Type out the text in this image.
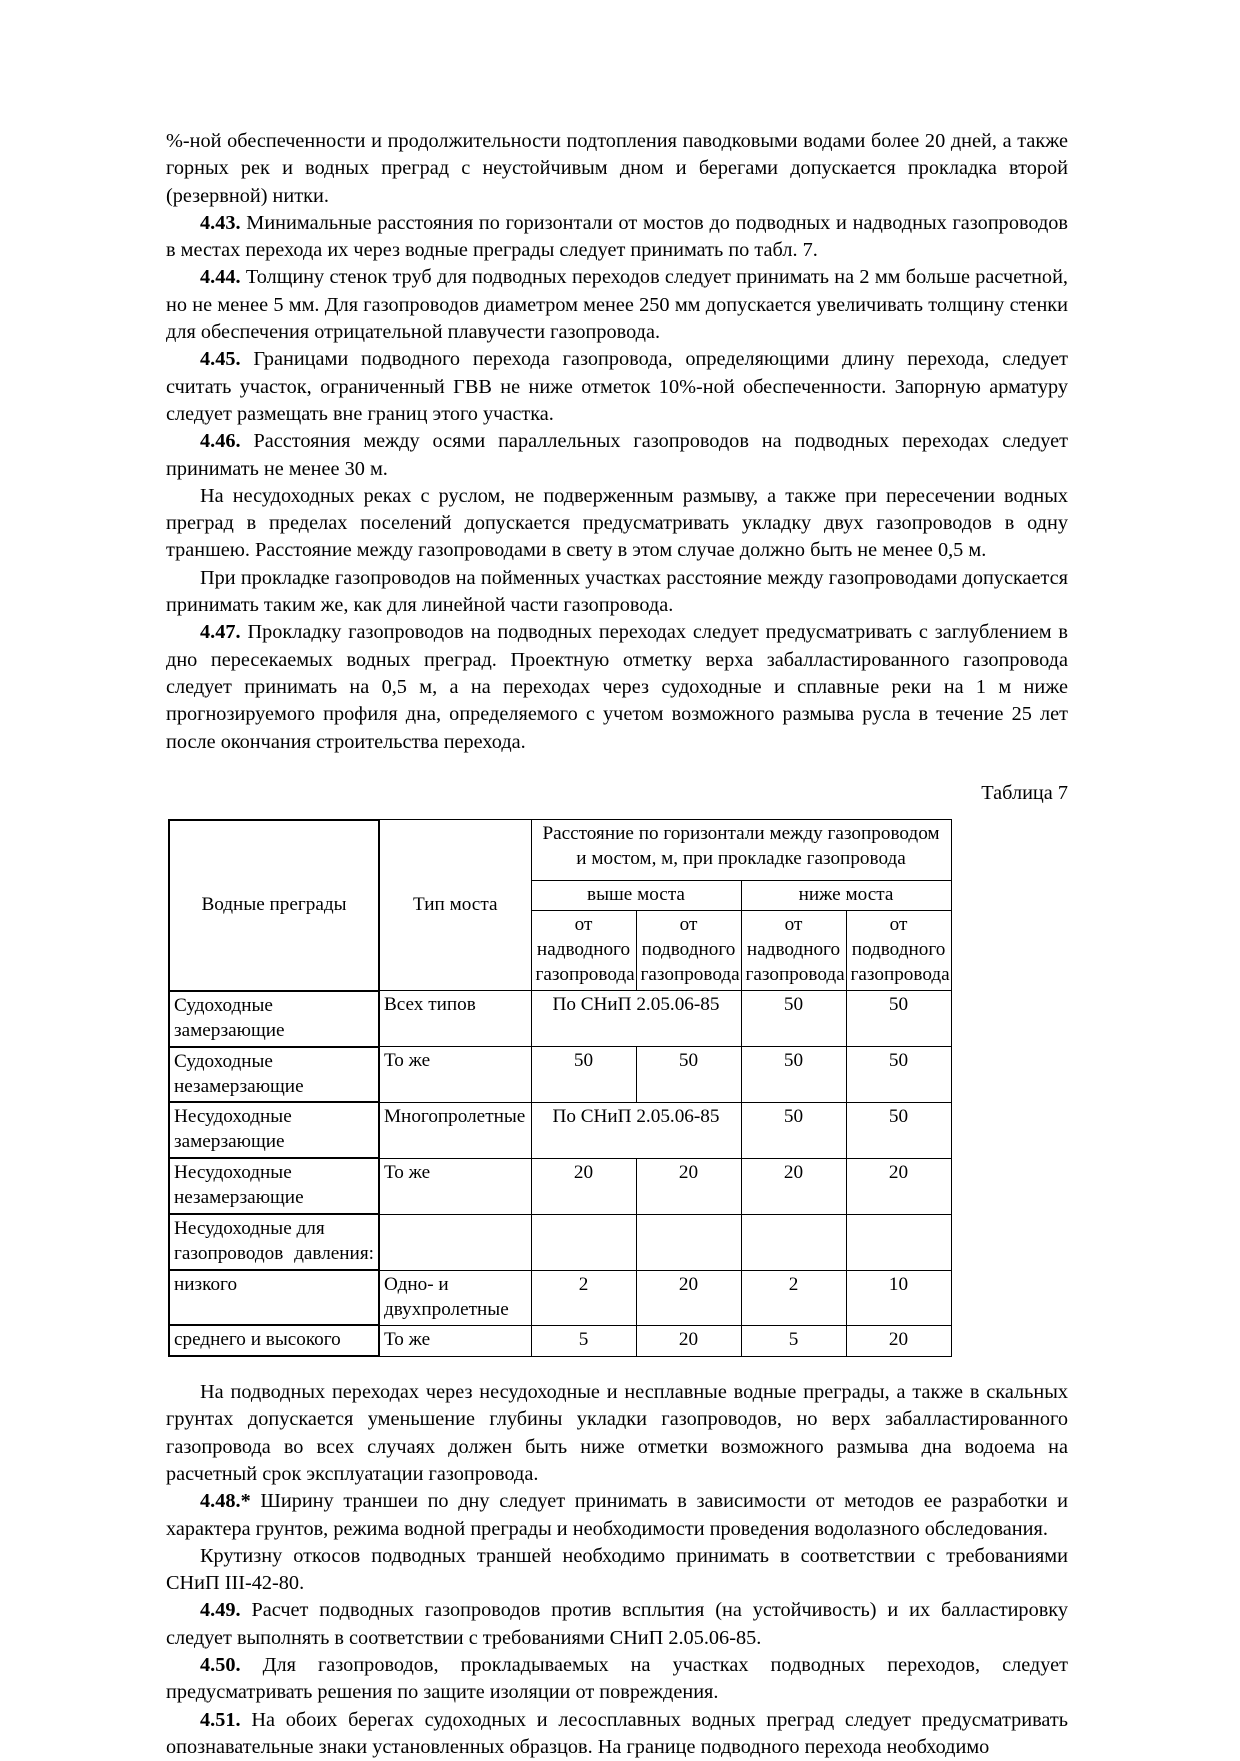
%-ной обеспеченности и продолжительности подтопления паводковыми водами более 20 дней, а также горных рек и водных преград с неустойчивым дном и берегами допускается прокладка второй (резервной) нитки.

4.43. Минимальные расстояния по горизонтали от мостов до подводных и надводных газопроводов в местах перехода их через водные преграды следует принимать по табл. 7.

4.44. Толщину стенок труб для подводных переходов следует принимать на 2 мм больше расчетной, но не менее 5 мм. Для газопроводов диаметром менее 250 мм допускается увеличивать толщину стенки для обеспечения отрицательной плавучести газопровода.

4.45. Границами подводного перехода газопровода, определяющими длину перехода, следует считать участок, ограниченный ГВВ не ниже отметок 10%-ной обеспеченности. Запорную арматуру следует размещать вне границ этого участка.

4.46. Расстояния между осями параллельных газопроводов на подводных переходах следует принимать не менее 30 м.

На несудоходных реках с руслом, не подверженным размыву, а также при пересечении водных преград в пределах поселений допускается предусматривать укладку двух газопроводов в одну траншею. Расстояние между газопроводами в свету в этом случае должно быть не менее 0,5 м.

При прокладке газопроводов на пойменных участках расстояние между газопроводами допускается принимать таким же, как для линейной части газопровода.

4.47. Прокладку газопроводов на подводных переходах следует предусматривать с заглублением в дно пересекаемых водных преград. Проектную отметку верха забалластированного газопровода следует принимать на 0,5 м, а на переходах через судоходные и сплавные реки на 1 м ниже прогнозируемого профиля дна, определяемого с учетом возможного размыва русла в течение 25 лет после окончания строительства перехода.

Таблица 7
Водные преграды	Тип моста	Расстояние по горизонтали между газопроводом и мостом, м, при прокладке газопровода			
		выше моста		ниже моста	
		от надводного газопровода	от подводного газопровода	от надводного газопровода	от подводного газопровода
Судоходные замерзающие	Всех типов	По СНиП 2.05.06-85		50	50
Судоходные незамерзающие	То же	50	50	50	50
Несудоходные замерзающие	Многопролетные	По СНиП 2.05.06-85		50	50
Несудоходные незамерзающие	То же	20	20	20	20
Несудоходные для газопроводов давления:					
низкого	Одно- и двухпролетные	2	20	2	10
среднего и высокого	То же	5	20	5	20

На подводных переходах через несудоходные и несплавные водные преграды, а также в скальных грунтах допускается уменьшение глубины укладки газопроводов, но верх забалластированного газопровода во всех случаях должен быть ниже отметки возможного размыва дна водоема на расчетный срок эксплуатации газопровода.

4.48.* Ширину траншеи по дну следует принимать в зависимости от методов ее разработки и характера грунтов, режима водной преграды и необходимости проведения водолазного обследования.

Крутизну откосов подводных траншей необходимо принимать в соответствии с требованиями СНиП III-42-80.

4.49. Расчет подводных газопроводов против всплытия (на устойчивость) и их балластировку следует выполнять в соответствии с требованиями СНиП 2.05.06-85.

4.50. Для газопроводов, прокладываемых на участках подводных переходов, следует предусматривать решения по защите изоляции от повреждения.

4.51. На обоих берегах судоходных и лесосплавных водных преград следует предусматривать опознавательные знаки установленных образцов. На границе подводного перехода необходимо
